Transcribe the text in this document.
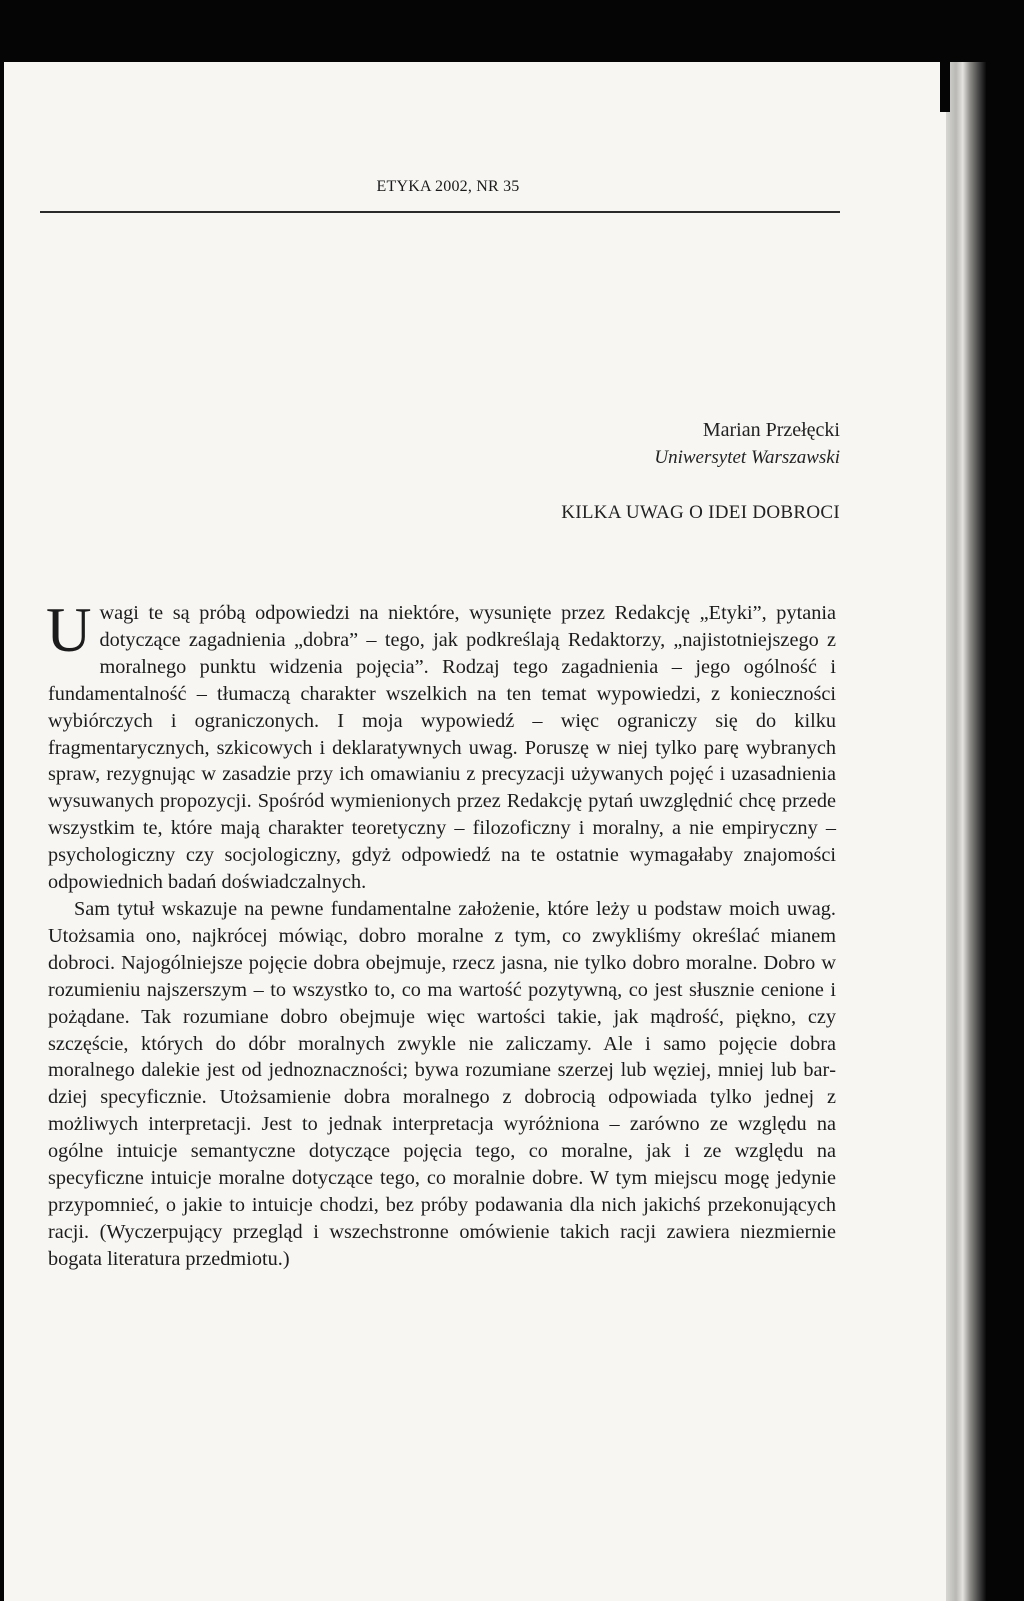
ETYKA 2002, NR 35
Marian Przełęcki
Uniwersytet Warszawski
KILKA UWAG O IDEI DOBROCI

Uwagi te są próbą odpowiedzi na niektóre, wysunięte przez Redakcję „Etyki”, pytania dotyczące zagadnienia „dobra” – tego, jak podkreślają Redaktorzy, „najistotniejszego z moralnego punktu widzenia pojęcia”. Rodzaj tego zagadnienia – jego ogólność i fundamentalność – tłumaczą charakter wszelkich na ten temat wypowiedzi, z konieczności wybiórczych i ograniczonych. I moja wypowiedź – więc ograniczy się do kilku fragmentarycznych, szkicowych i deklaratywnych uwag. Poruszę w niej tylko parę wybranych spraw, rezygnując w zasadzie przy ich omawianiu z precyzacji używanych pojęć i uzasadnienia wysuwanych propozycji. Spośród wymienionych przez Redakcję pytań uwzględnić chcę przede wszystkim te, które mają charakter teoretyczny – filozoficzny i moralny, a nie empiryczny – psychologiczny czy socjologiczny, gdyż odpowiedź na te ostatnie wymagałaby znajomości odpowiednich badań doświadczalnych.

Sam tytuł wskazuje na pewne fundamentalne założenie, które leży u podstaw moich uwag. Utożsamia ono, najkrócej mówiąc, dobro moralne z tym, co zwykliśmy określać mianem dobroci. Najogólniejsze pojęcie dobra obejmuje, rzecz jasna, nie tylko dobro moralne. Dobro w rozumieniu najszerszym – to wszystko to, co ma wartość pozytywną, co jest słusznie cenione i pożądane. Tak rozumiane dobro obejmuje więc wartości takie, jak mądrość, piękno, czy szczęście, których do dóbr moralnych zwykle nie zaliczamy. Ale i samo pojęcie dobra moralnego dalekie jest od jednoznaczności; bywa rozumiane szerzej lub węziej, mniej lub bardziej specyficznie. Utożsamienie dobra moralnego z dobrocią odpowiada tylko jednej z możliwych interpretacji. Jest to jednak interpretacja wyróżniona – zarówno ze względu na ogólne intuicje semantyczne dotyczące pojęcia tego, co moralne, jak i ze względu na specyficzne intuicje moralne dotyczące tego, co moralnie dobre. W tym miejscu mogę jedynie przypomnieć, o jakie to intuicje chodzi, bez próby podawania dla nich jakichś przekonujących racji. (Wyczerpujący przegląd i wszechstronne omówienie takich racji zawiera niezmiernie bogata literatura przedmiotu.)
